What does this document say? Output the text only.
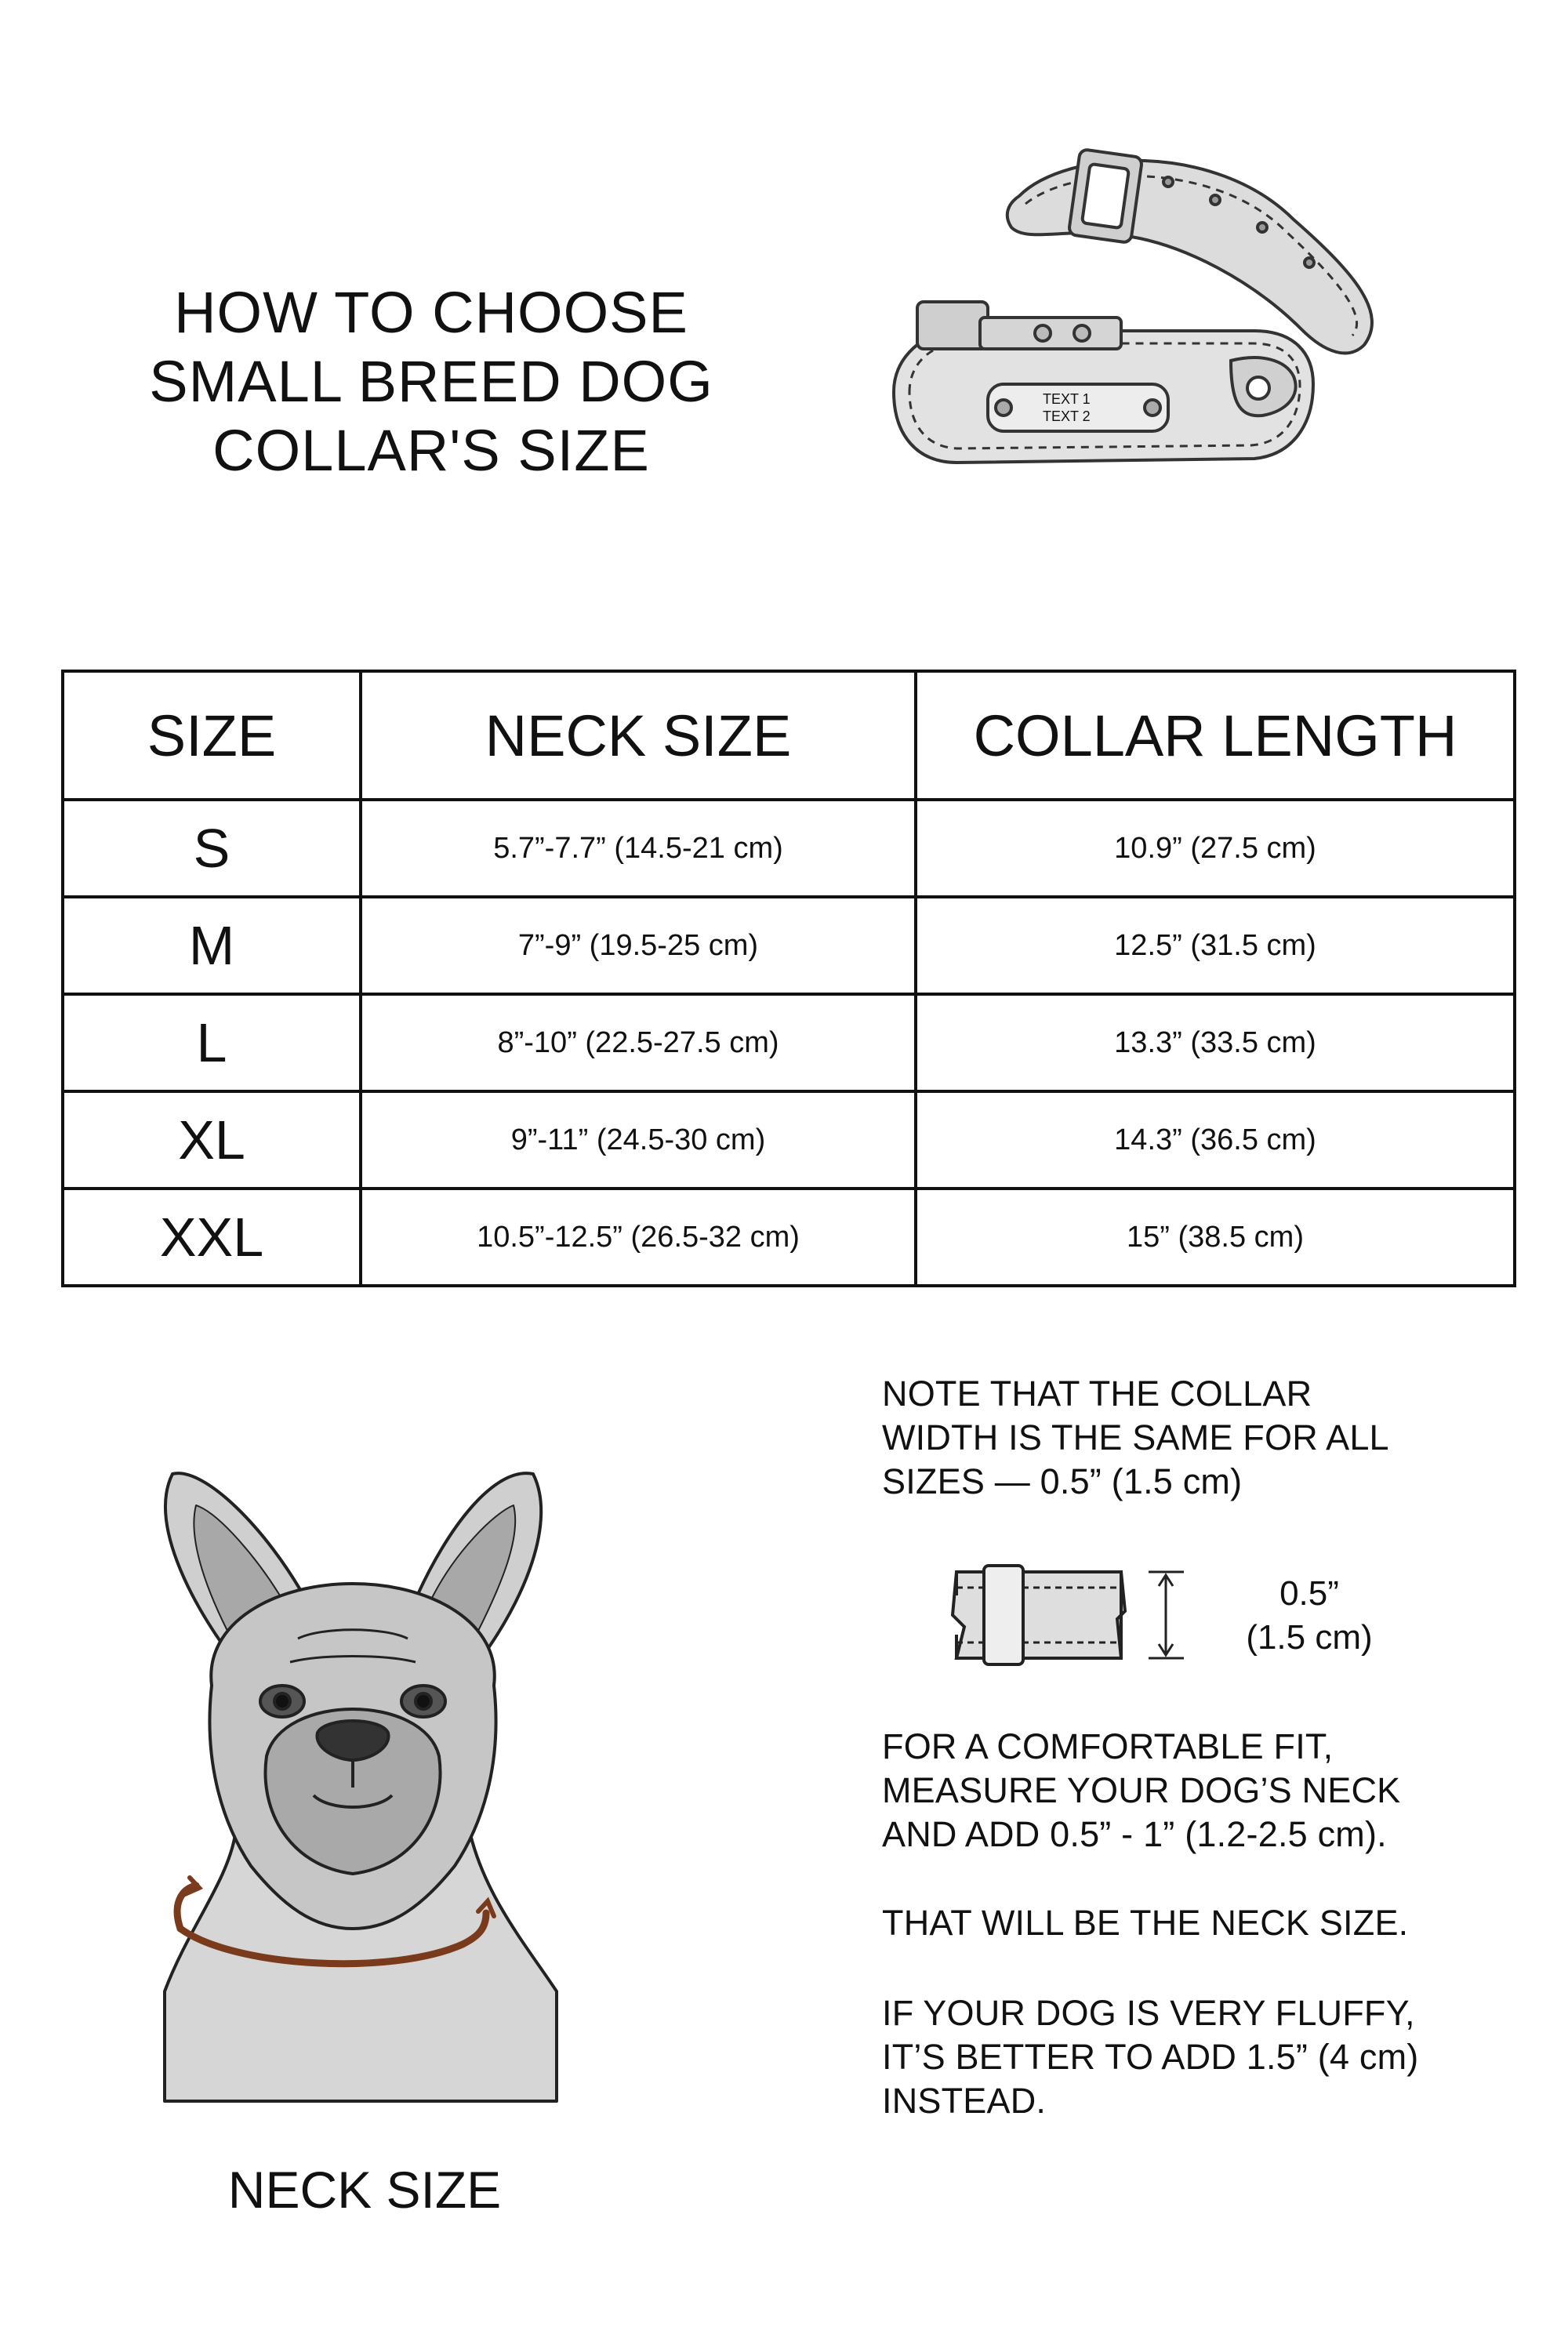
HOW TO CHOOSE
SMALL BREED DOG
COLLAR'S SIZE
TEXT 1
TEXT 2
SIZE	NECK SIZE	COLLAR LENGTH
S	5.7”-7.7” (14.5-21 cm)	10.9” (27.5 cm)
M	7”-9” (19.5-25 cm)	12.5” (31.5 cm)
L	8”-10” (22.5-27.5 cm)	13.3” (33.5 cm)
XL	9”-11” (24.5-30 cm)	14.3” (36.5 cm)
XXL	10.5”-12.5” (26.5-32 cm)	15” (38.5 cm)
NECK SIZE
NOTE THAT THE COLLAR
WIDTH IS THE SAME FOR ALL
SIZES — 0.5” (1.5 cm)
0.5”
(1.5 cm)
FOR A COMFORTABLE FIT,
MEASURE YOUR DOG’S NECK
AND ADD 0.5” - 1” (1.2-2.5 cm).
THAT WILL BE THE NECK SIZE.
IF YOUR DOG IS VERY FLUFFY,
IT’S BETTER TO ADD 1.5” (4 cm)
INSTEAD.
